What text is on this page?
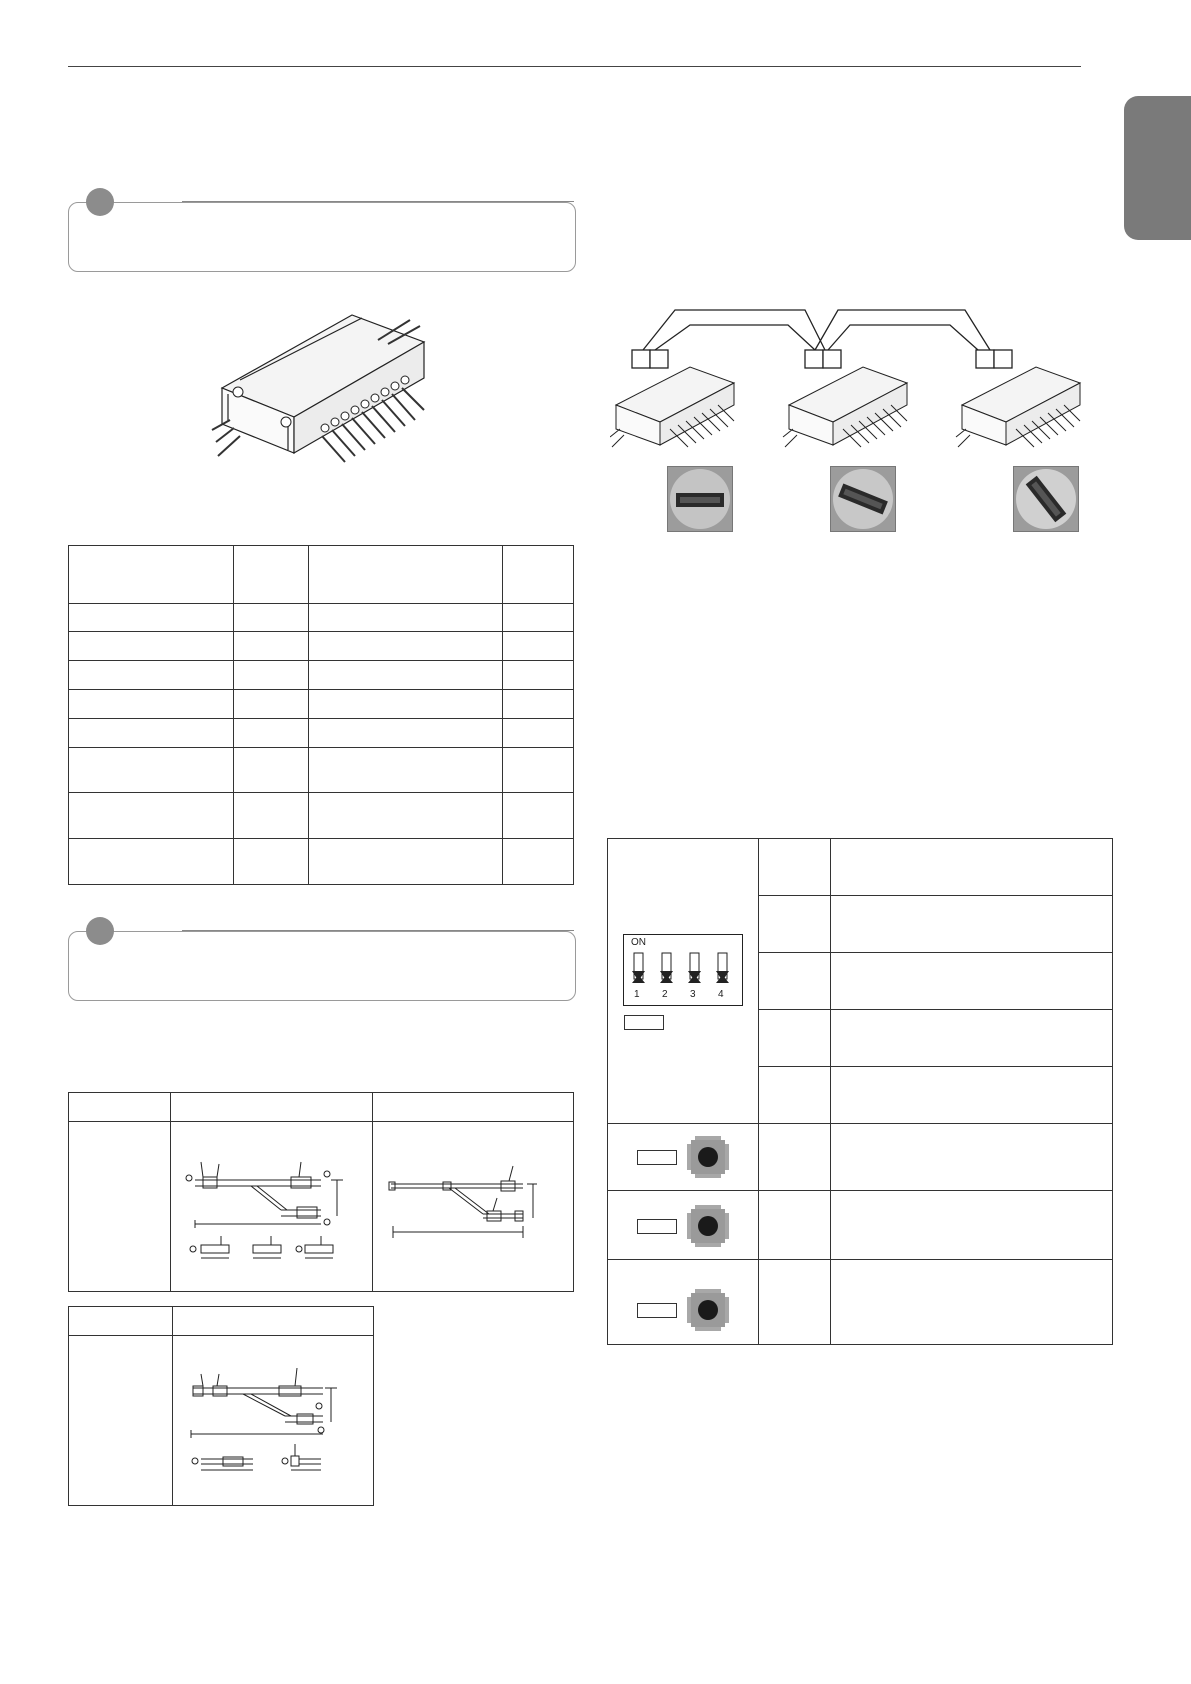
ON
1 2 3 4		
